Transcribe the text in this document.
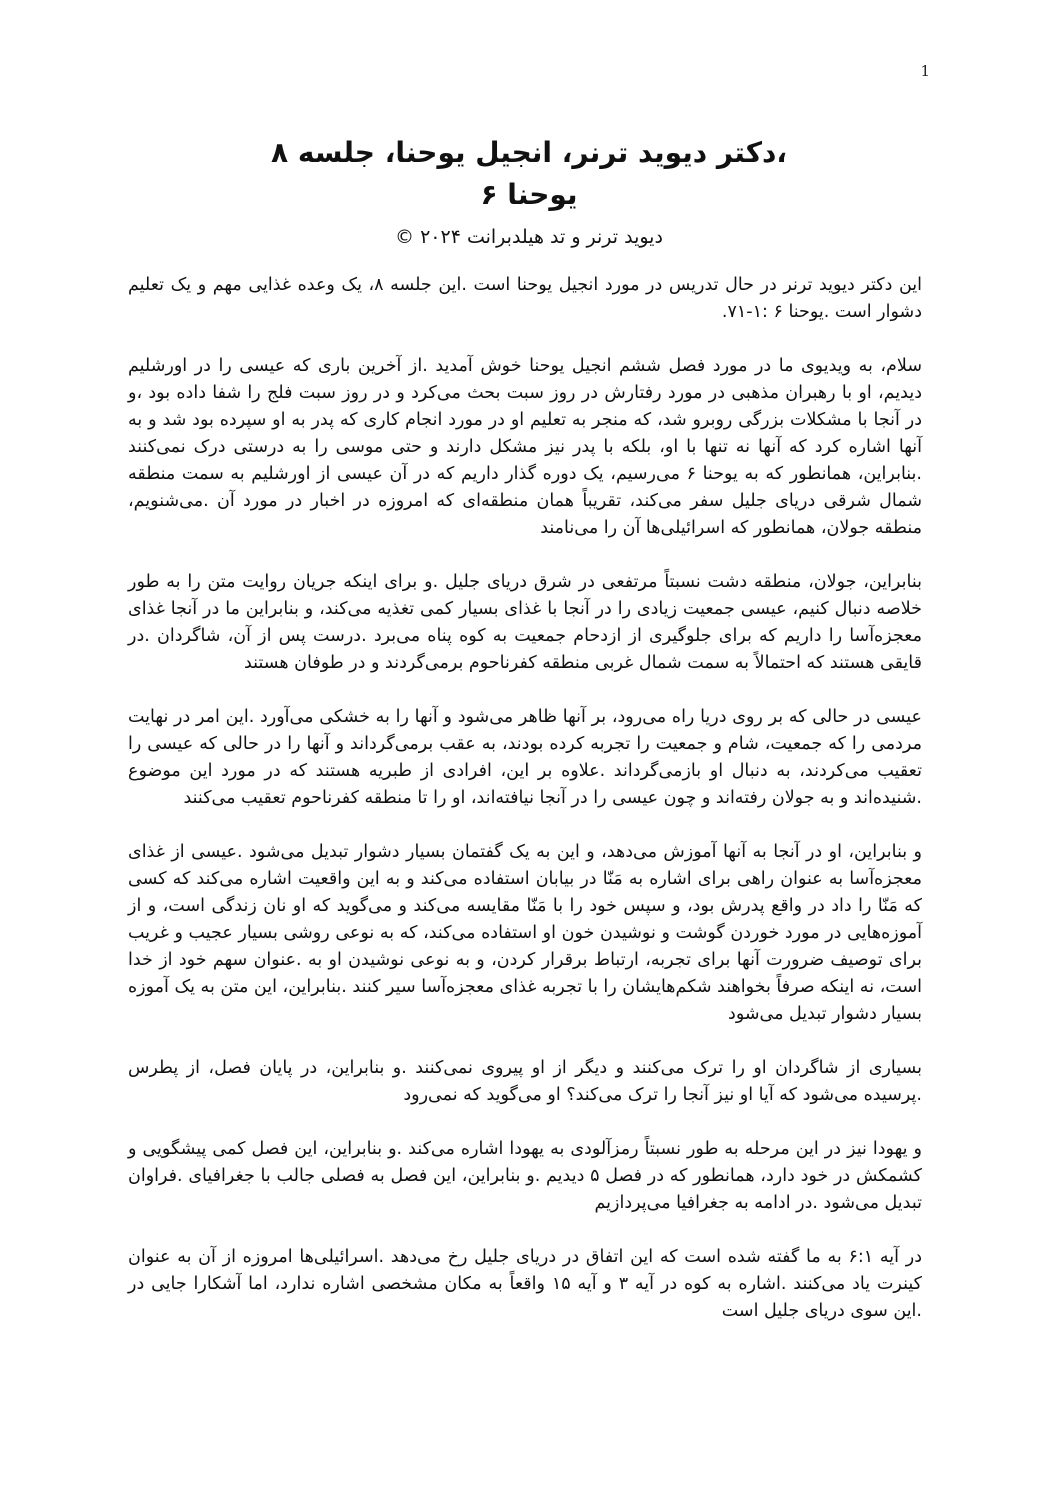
1

،دکتر دیوید ترنر، انجیل یوحنا، جلسه ۸

یوحنا ۶

دیوید ترنر و تد هیلدبرانت ۲۰۲۴ ©

این دکتر دیوید ترنر در حال تدریس در مورد انجیل یوحنا است .این جلسه ۸، یک وعده غذایی مهم و یک تعلیم دشوار است .یوحنا ۶ :۱-۷۱.

سلام، به ویدیوی ما در مورد فصل ششم انجیل یوحنا خوش آمدید .از آخرین باری که عیسی را در اورشلیم دیدیم، او با رهبران مذهبی در مورد رفتارش در روز سبت بحث می‌کرد و در روز سبت فلج را شفا داده بود ،و در آنجا با مشکلات بزرگی روبرو شد، که منجر به تعلیم او در مورد انجام کاری که پدر به او سپرده بود شد و به آنها اشاره کرد که آنها نه تنها با او، بلکه با پدر نیز مشکل دارند و حتی موسی را به درستی درک نمی‌کنند .بنابراین، همانطور که به یوحنا ۶ می‌رسیم، یک دوره گذار داریم که در آن عیسی از اورشلیم به سمت منطقه شمال شرقی دریای جلیل سفر می‌کند، تقریباً همان منطقه‌ای که امروزه در اخبار در مورد آن .می‌شنویم، منطقه جولان، همانطور که اسرائیلی‌ها آن را می‌نامند

بنابراین، جولان، منطقه دشت نسبتاً مرتفعی در شرق دریای جلیل .و برای اینکه جریان روایت متن را به طور خلاصه دنبال کنیم، عیسی جمعیت زیادی را در آنجا با غذای بسیار کمی تغذیه می‌کند، و بنابراین ما در آنجا غذای معجزه‌آسا را داریم که برای جلوگیری از ازدحام جمعیت به کوه پناه می‌برد .درست پس از آن، شاگردان .در قایقی هستند که احتمالاً به سمت شمال غربی منطقه کفرناحوم برمی‌گردند و در طوفان هستند

عیسی در حالی که بر روی دریا راه می‌رود، بر آنها ظاهر می‌شود و آنها را به خشکی می‌آورد .این امر در نهایت مردمی را که جمعیت، شام و جمعیت را تجربه کرده بودند، به عقب برمی‌گرداند و آنها را در حالی که عیسی را تعقیب می‌کردند، به دنبال او بازمی‌گرداند .علاوه بر این، افرادی از طبریه هستند که در مورد این موضوع .شنیده‌اند و به جولان رفته‌اند و چون عیسی را در آنجا نیافته‌اند، او را تا منطقه کفرناحوم تعقیب می‌کنند

و بنابراین، او در آنجا به آنها آموزش می‌دهد، و این به یک گفتمان بسیار دشوار تبدیل می‌شود .عیسی از غذای معجزه‌آسا به عنوان راهی برای اشاره به مَنّا در بیابان استفاده می‌کند و به این واقعیت اشاره می‌کند که کسی که مَنّا را داد در واقع پدرش بود، و سپس خود را با مَنّا مقایسه می‌کند و می‌گوید که او نان زندگی است، و از آموزه‌هایی در مورد خوردن گوشت و نوشیدن خون او استفاده می‌کند، که به نوعی روشی بسیار عجیب و غریب برای توصیف ضرورت آنها برای تجربه، ارتباط برقرار کردن، و به نوعی نوشیدن او به .عنوان سهم خود از خدا است، نه اینکه صرفاً بخواهند شکم‌هایشان را با تجربه غذای معجزه‌آسا سیر کنند .بنابراین، این متن به یک آموزه بسیار دشوار تبدیل می‌شود

بسیاری از شاگردان او را ترک می‌کنند و دیگر از او پیروی نمی‌کنند .و بنابراین، در پایان فصل، از پطرس .پرسیده می‌شود که آیا او نیز آنجا را ترک می‌کند؟ او می‌گوید که نمی‌رود

و یهودا نیز در این مرحله به طور نسبتاً رمزآلودی به یهودا اشاره می‌کند .و بنابراین، این فصل کمی پیشگویی و کشمکش در خود دارد، همانطور که در فصل ۵ دیدیم .و بنابراین، این فصل به فصلی جالب با جغرافیای .فراوان تبدیل می‌شود .در ادامه به جغرافیا می‌پردازیم

در آیه ۶:۱ به ما گفته شده است که این اتفاق در دریای جلیل رخ می‌دهد .اسرائیلی‌ها امروزه از آن به عنوان کینرت یاد می‌کنند .اشاره به کوه در آیه ۳ و آیه ۱۵ واقعاً به مکان مشخصی اشاره ندارد، اما آشکارا جایی در .این سوی دریای جلیل است
